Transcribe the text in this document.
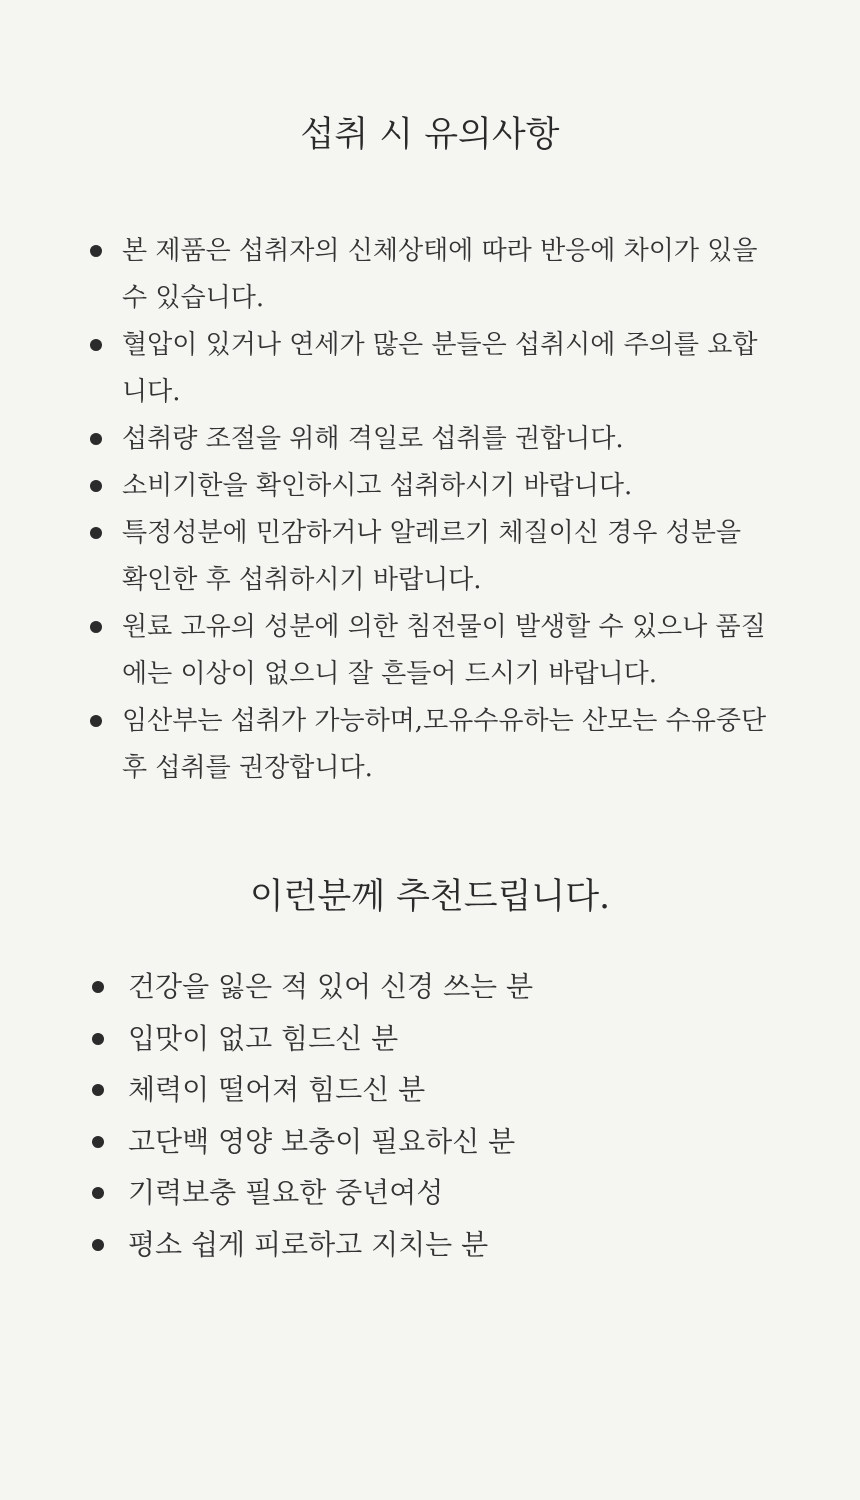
섭취 시 유의사항
본 제품은 섭취자의 신체상태에 따라 반응에 차이가 있을 수 있습니다.
혈압이 있거나 연세가 많은 분들은 섭취시에 주의를 요합니다.
섭취량 조절을 위해 격일로 섭취를 권합니다.
소비기한을 확인하시고 섭취하시기 바랍니다.
특정성분에 민감하거나 알레르기 체질이신 경우 성분을 확인한 후 섭취하시기 바랍니다.
원료 고유의 성분에 의한 침전물이 발생할 수 있으나 품질에는 이상이 없으니 잘 흔들어 드시기 바랍니다.
임산부는 섭취가 가능하며,모유수유하는 산모는 수유중단 후 섭취를 권장합니다.
이런분께 추천드립니다.
건강을 잃은 적 있어 신경 쓰는 분
입맛이 없고 힘드신 분
체력이 떨어져 힘드신 분
고단백 영양 보충이 필요하신 분
기력보충 필요한 중년여성
평소 쉽게 피로하고 지치는 분
